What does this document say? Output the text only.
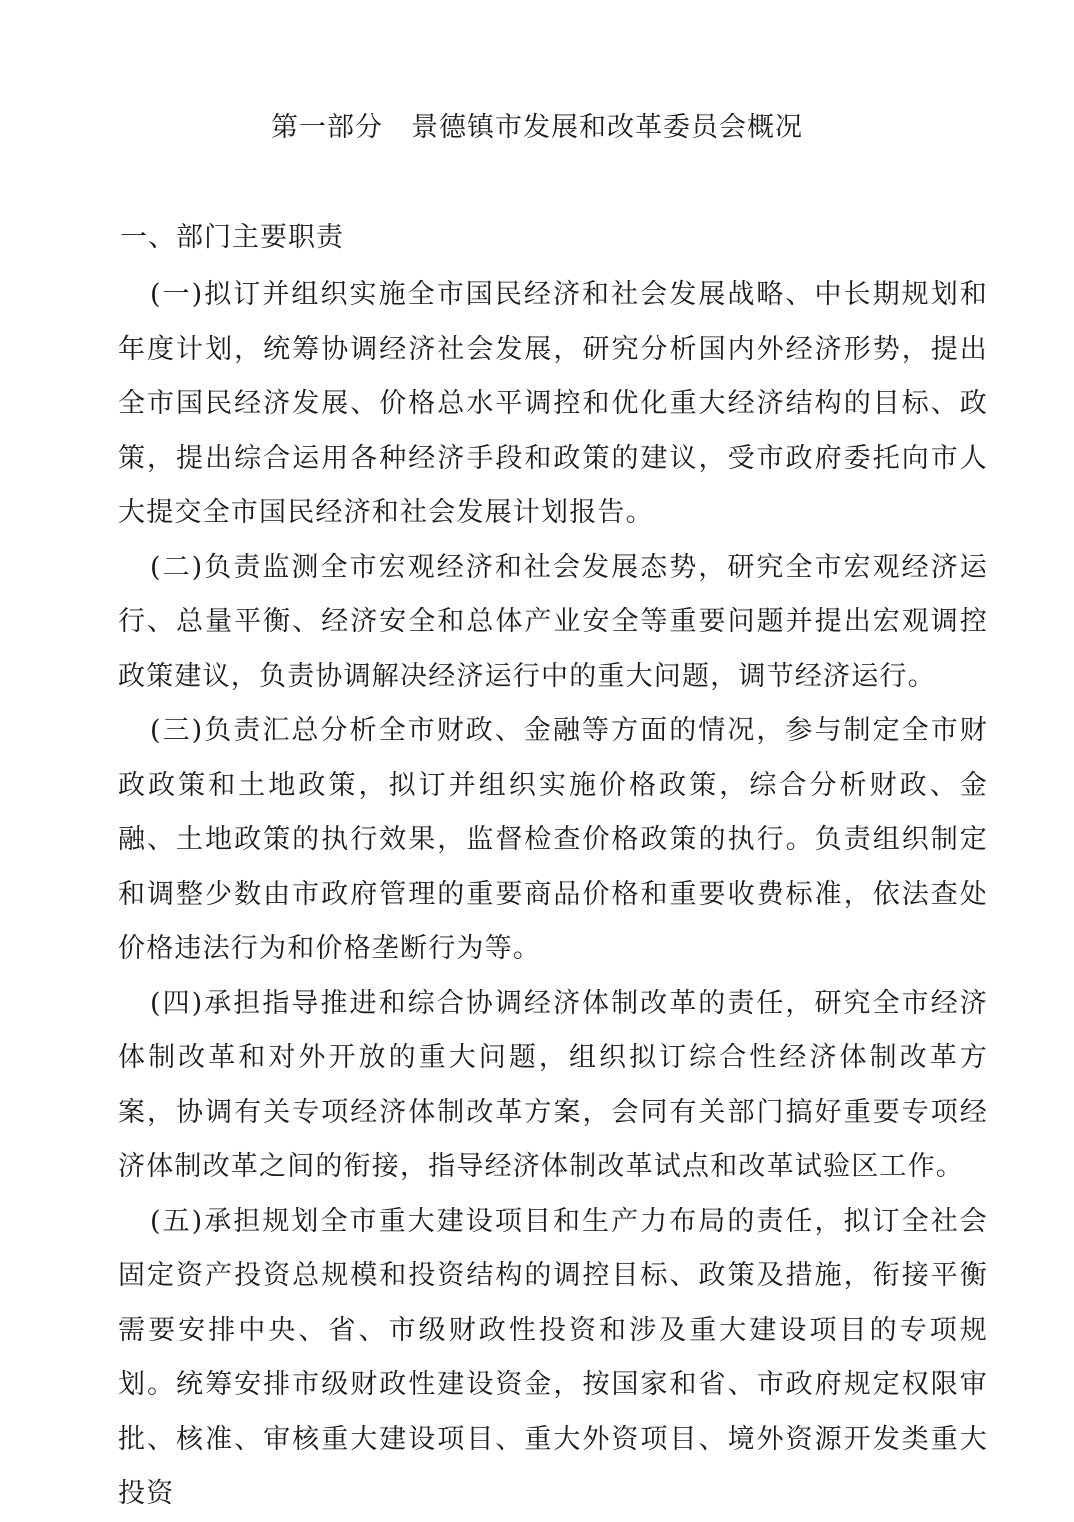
第一部分　景德镇市发展和改革委员会概况
一、部门主要职责

(一)拟订并组织实施全市国民经济和社会发展战略、中长期规划和年度计划，统筹协调经济社会发展，研究分析国内外经济形势，提出全市国民经济发展、价格总水平调控和优化重大经济结构的目标、政策，提出综合运用各种经济手段和政策的建议，受市政府委托向市人大提交全市国民经济和社会发展计划报告。

(二)负责监测全市宏观经济和社会发展态势，研究全市宏观经济运行、总量平衡、经济安全和总体产业安全等重要问题并提出宏观调控政策建议，负责协调解决经济运行中的重大问题，调节经济运行。

(三)负责汇总分析全市财政、金融等方面的情况，参与制定全市财政政策和土地政策，拟订并组织实施价格政策，综合分析财政、金融、土地政策的执行效果，监督检查价格政策的执行。负责组织制定和调整少数由市政府管理的重要商品价格和重要收费标准，依法查处价格违法行为和价格垄断行为等。

(四)承担指导推进和综合协调经济体制改革的责任，研究全市经济体制改革和对外开放的重大问题，组织拟订综合性经济体制改革方案，协调有关专项经济体制改革方案，会同有关部门搞好重要专项经济体制改革之间的衔接，指导经济体制改革试点和改革试验区工作。

(五)承担规划全市重大建设项目和生产力布局的责任，拟订全社会固定资产投资总规模和投资结构的调控目标、政策及措施，衔接平衡需要安排中央、省、市级财政性投资和涉及重大建设项目的专项规划。统筹安排市级财政性建设资金，按国家和省、市政府规定权限审批、核准、审核重大建设项目、重大外资项目、境外资源开发类重大投资
